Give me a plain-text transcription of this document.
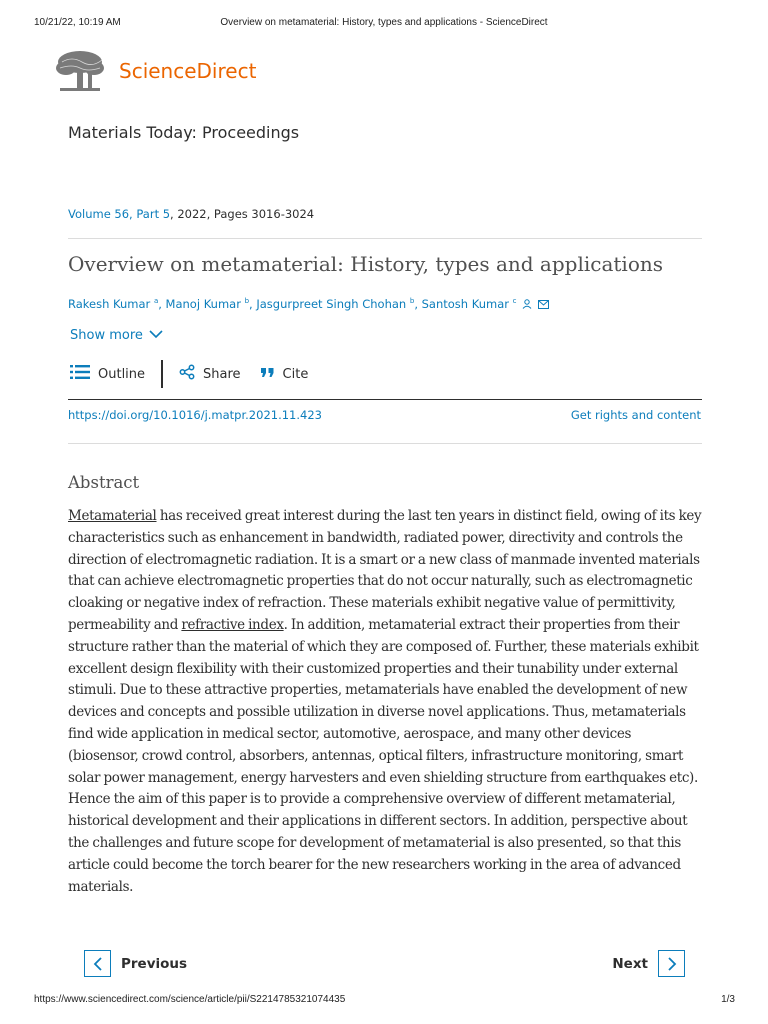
10/21/22, 10:19 AM	Overview on metamaterial: History, types and applications - ScienceDirect
ScienceDirect
Materials Today: Proceedings
Volume 56, Part 5, 2022, Pages 3016-3024
Overview on metamaterial: History, types and applications
Rakesh Kumar $^a$, Manoj Kumar $^b$, Jasgurpreet Singh Chohan $^b$, Santosh Kumar $^c$
Show more
Outline	Share	Cite
https://doi.org/10.1016/j.matpr.2021.11.423	Get rights and content
Abstract

Metamaterial has received great interest during the last ten years in distinct field, owing of its key characteristics such as enhancement in bandwidth, radiated power, directivity and controls the direction of electromagnetic radiation. It is a smart or a new class of manmade invented materials that can achieve electromagnetic properties that do not occur naturally, such as electromagnetic cloaking or negative index of refraction. These materials exhibit negative value of permittivity, permeability and refractive index. In addition, metamaterial extract their properties from their structure rather than the material of which they are composed of. Further, these materials exhibit excellent design flexibility with their customized properties and their tunability under external stimuli. Due to these attractive properties, metamaterials have enabled the development of new devices and concepts and possible utilization in diverse novel applications. Thus, metamaterials find wide application in medical sector, automotive, aerospace, and many other devices (biosensor, crowd control, absorbers, antennas, optical filters, infrastructure monitoring, smart solar power management, energy harvesters and even shielding structure from earthquakes etc). Hence the aim of this paper is to provide a comprehensive overview of different metamaterial, historical development and their applications in different sectors. In addition, perspective about the challenges and future scope for development of metamaterial is also presented, so that this article could become the torch bearer for the new researchers working in the area of advanced materials.

Previous	Next
https://www.sciencedirect.com/science/article/pii/S2214785321074435	1/3
